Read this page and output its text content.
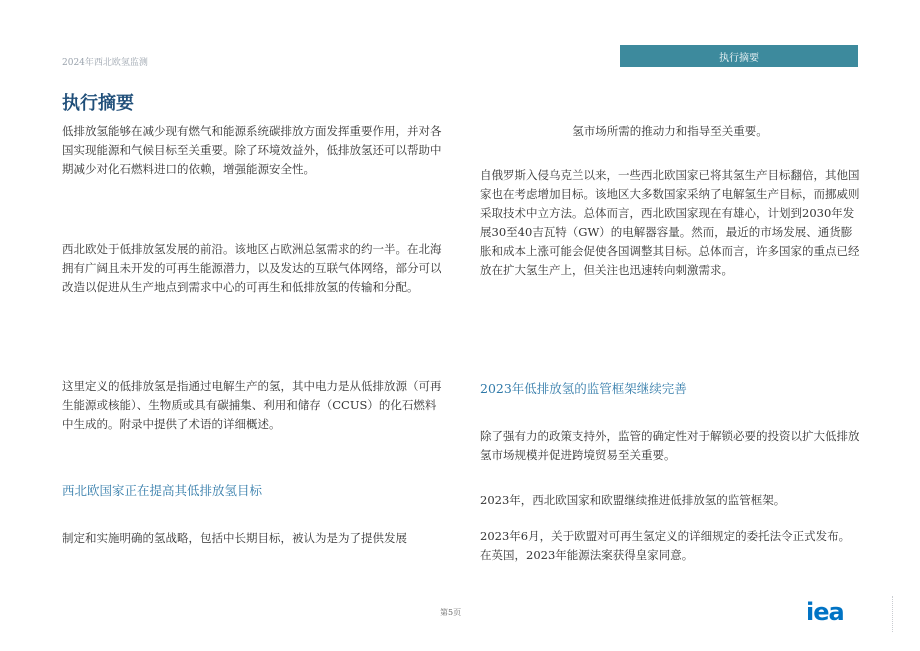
2024年西北欧氢监测	执行摘要
执行摘要
低排放氢能够在减少现有燃气和能源系统碳排放方面发挥重要作用，并对各国实现能源和气候目标至关重要。除了环境效益外，低排放氢还可以帮助中期减少对化石燃料进口的依赖，增强能源安全性。
西北欧处于低排放氢发展的前沿。该地区占欧洲总氢需求的约一半。在北海拥有广阔且未开发的可再生能源潜力，以及发达的互联气体网络，部分可以改造以促进从生产地点到需求中心的可再生和低排放氢的传输和分配。
这里定义的低排放氢是指通过电解生产的氢，其中电力是从低排放源（可再生能源或核能）、生物质或具有碳捕集、利用和储存（CCUS）的化石燃料中生成的。附录中提供了术语的详细概述。
西北欧国家正在提高其低排放氢目标
制定和实施明确的氢战略，包括中长期目标，被认为是为了提供发展
氢市场所需的推动力和指导至关重要。
自俄罗斯入侵乌克兰以来，一些西北欧国家已将其氢生产目标翻倍，其他国家也在考虑增加目标。该地区大多数国家采纳了电解氢生产目标，而挪威则采取技术中立方法。总体而言，西北欧国家现在有雄心，计划到2030年发展30至40吉瓦特（GW）的电解器容量。然而，最近的市场发展、通货膨胀和成本上涨可能会促使各国调整其目标。总体而言，许多国家的重点已经放在扩大氢生产上，但关注也迅速转向刺激需求。
2023年低排放氢的监管框架继续完善
除了强有力的政策支持外，监管的确定性对于解锁必要的投资以扩大低排放氢市场规模并促进跨境贸易至关重要。
2023年，西北欧国家和欧盟继续推进低排放氢的监管框架。
2023年6月，关于欧盟对可再生氢定义的详细规定的委托法令正式发布。在英国，2023年能源法案获得皇家同意。
第5页	iea
